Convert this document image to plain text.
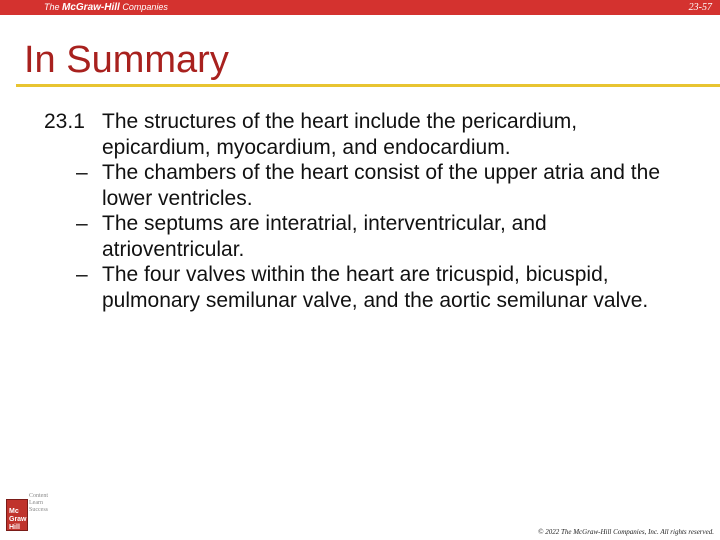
The McGraw-Hill Companies	23-57
In Summary
23.1 The structures of the heart include the pericardium, epicardium, myocardium, and endocardium.
– The chambers of the heart consist of the upper atria and the lower ventricles.
– The septums are interatrial, interventricular, and atrioventricular.
– The four valves within the heart are tricuspid, bicuspid, pulmonary semilunar valve, and the aortic semilunar valve.
Mc Graw Hill
Content Learn Success
© 2022 The McGraw-Hill Companies, Inc. All rights reserved.
